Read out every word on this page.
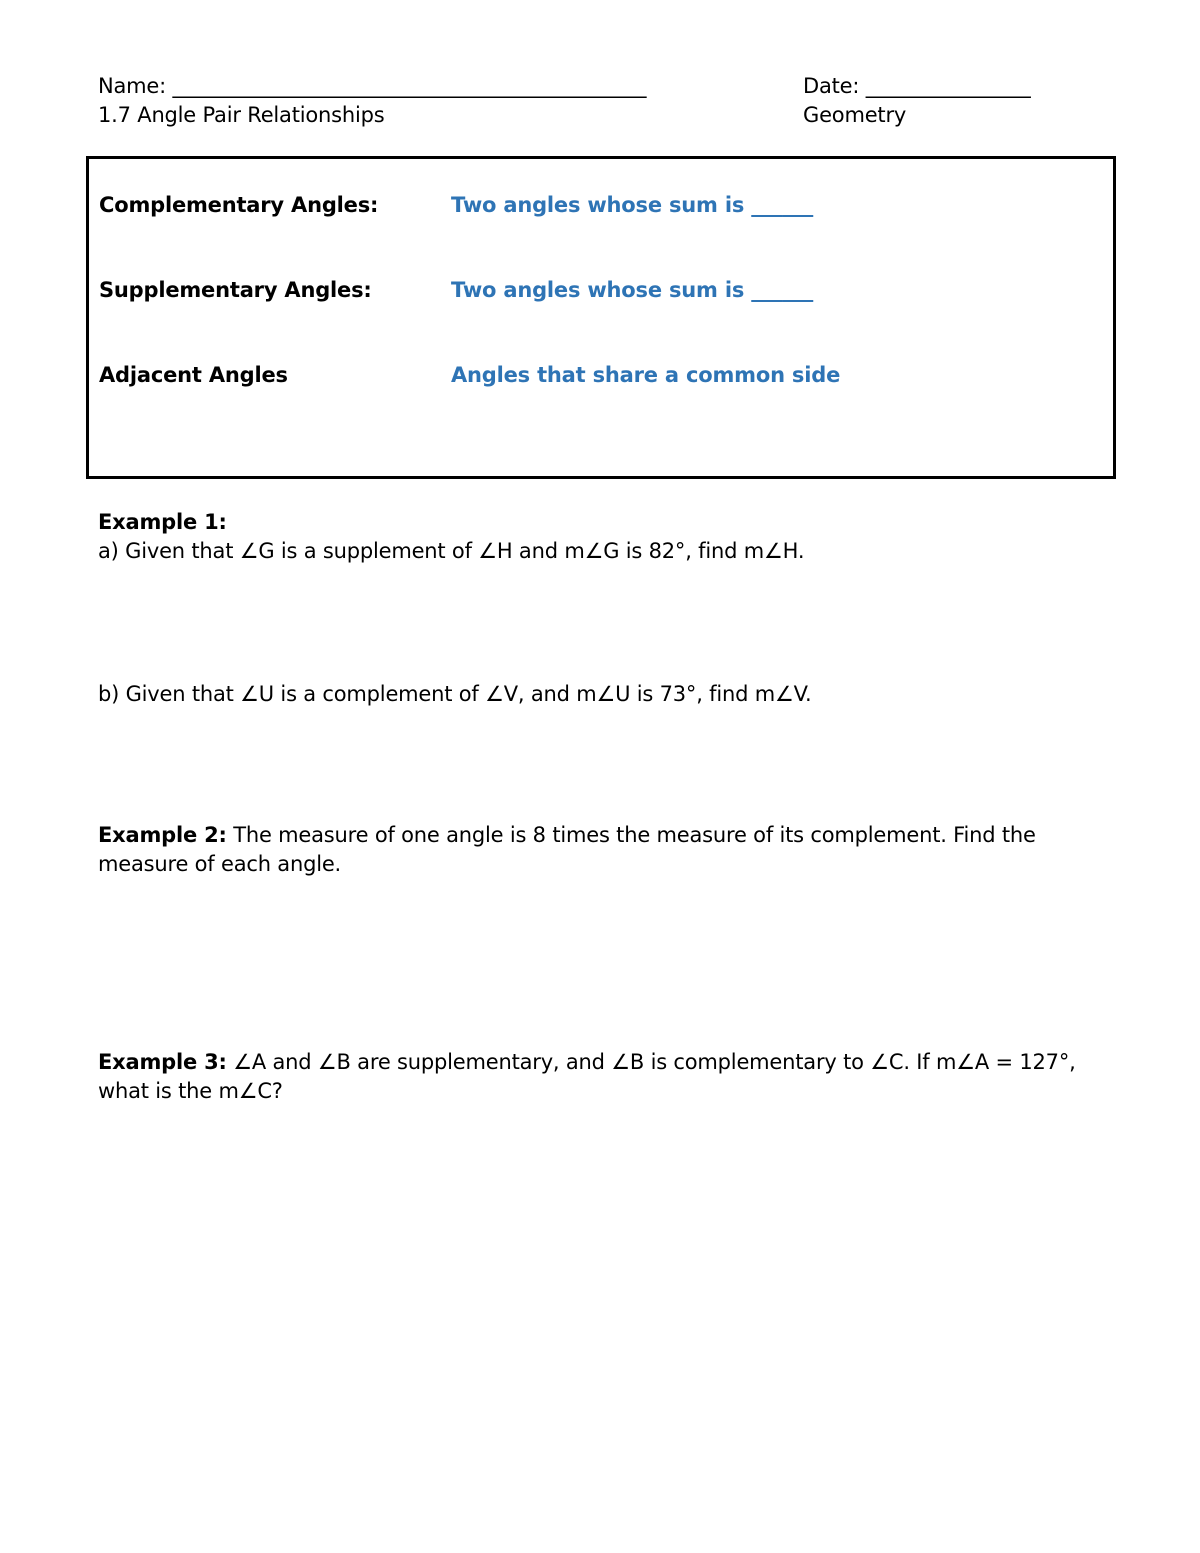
Name: ______________________________________________	Date: ________________
1.7 Angle Pair Relationships	Geometry
Complementary Angles:	Two angles whose sum is ______
Supplementary Angles:	Two angles whose sum is ______
Adjacent Angles	Angles that share a common side
Example 1:
a) Given that ∠G is a supplement of ∠H and m∠G is 82°, find m∠H.
b) Given that ∠U is a complement of ∠V, and m∠U is 73°, find m∠V.
Example 2: The measure of one angle is 8 times the measure of its complement. Find the measure of each angle.
Example 3: ∠A and ∠B are supplementary, and ∠B is complementary to ∠C. If m∠A = 127°, what is the m∠C?
